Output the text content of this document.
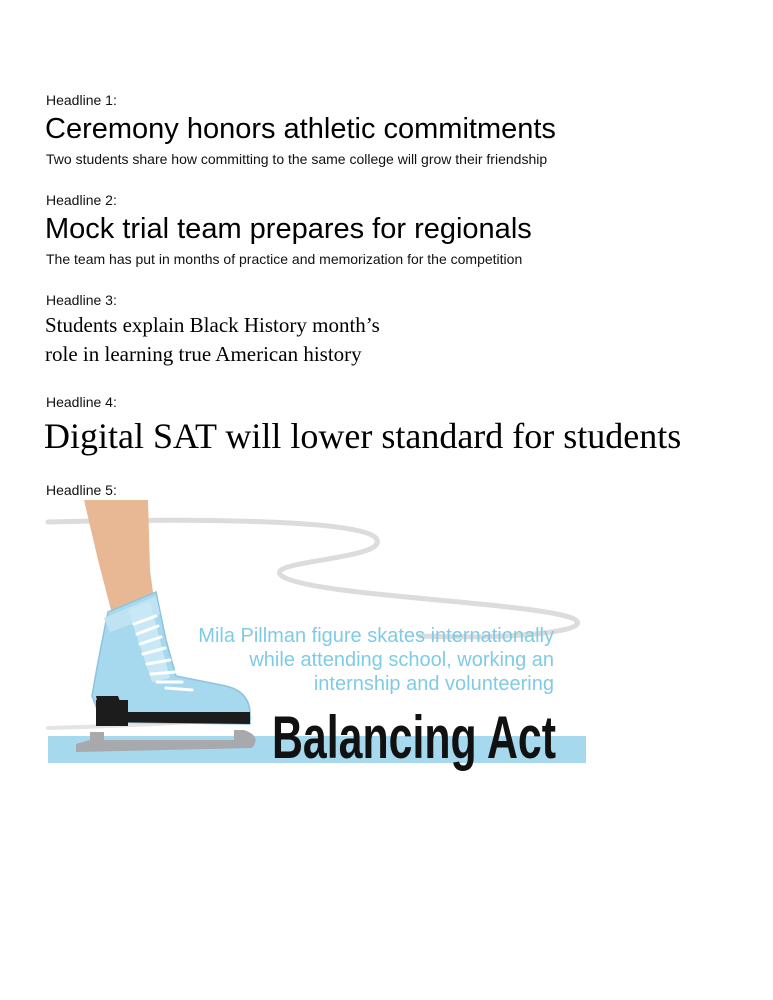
Headline 1:
Ceremony honors athletic commitments
Two students share how committing to the same college will grow their friendship
Headline 2:
Mock trial team prepares for regionals
The team has put in months of practice and memorization for the competition
Headline 3:
Students explain Black History month’s
role in learning true American history
Headline 4:
Digital SAT will lower standard for students
Headline 5:
Mila Pillman figure skates internationally
while attending school, working an
internship and volunteering
Balancing Act
